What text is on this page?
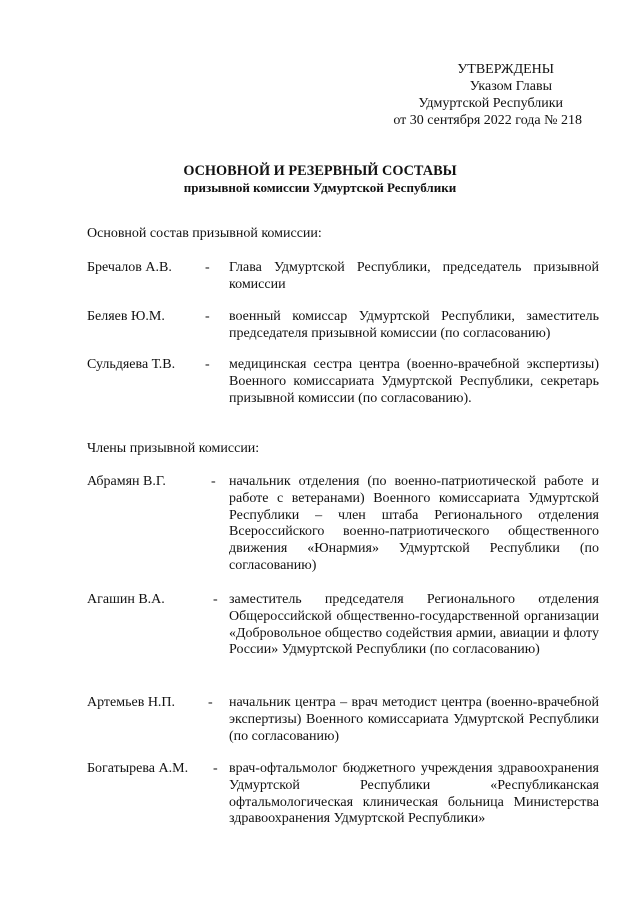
УТВЕРЖДЕНЫ
Указом Главы
Удмуртской Республики
от 30 сентября 2022 года № 218
ОСНОВНОЙ И РЕЗЕРВНЫЙ СОСТАВЫ
призывной комиссии Удмуртской Республики
Основной состав призывной комиссии:
Бречалов А.В. - Глава Удмуртской Республики, председатель призывной комиссии
Беляев Ю.М.	- военный комиссар Удмуртской Республики, заместитель председателя призывной комиссии (по согласованию)
Сульдяева Т.В. - медицинская сестра центра (военно-врачебной экспертизы) Военного комиссариата Удмуртской Республики, секретарь призывной комиссии (по согласованию).
Члены призывной комиссии:
Абрамян В.Г.	- начальник отделения (по военно-патриотической работе и работе с ветеранами) Военного комиссариата Удмуртской Республики – член штаба Регионального отделения Всероссийского военно-патриотического общественного движения «Юнармия» Удмуртской Республики (по согласованию)
Агашин В.А.	- заместитель председателя Регионального отделения Общероссийской общественно-государственной организации «Добровольное общество содействия армии, авиации и флоту России» Удмуртской Республики (по согласованию)
Артемьев Н.П. - начальник центра – врач методист центра (военно-врачебной экспертизы) Военного комиссариата Удмуртской Республики (по согласованию)
Богатырева А.М. - врач-офтальмолог бюджетного учреждения здравоохранения Удмуртской Республики «Республиканская офтальмологическая клиническая больница Министерства здравоохранения Удмуртской Республики»
